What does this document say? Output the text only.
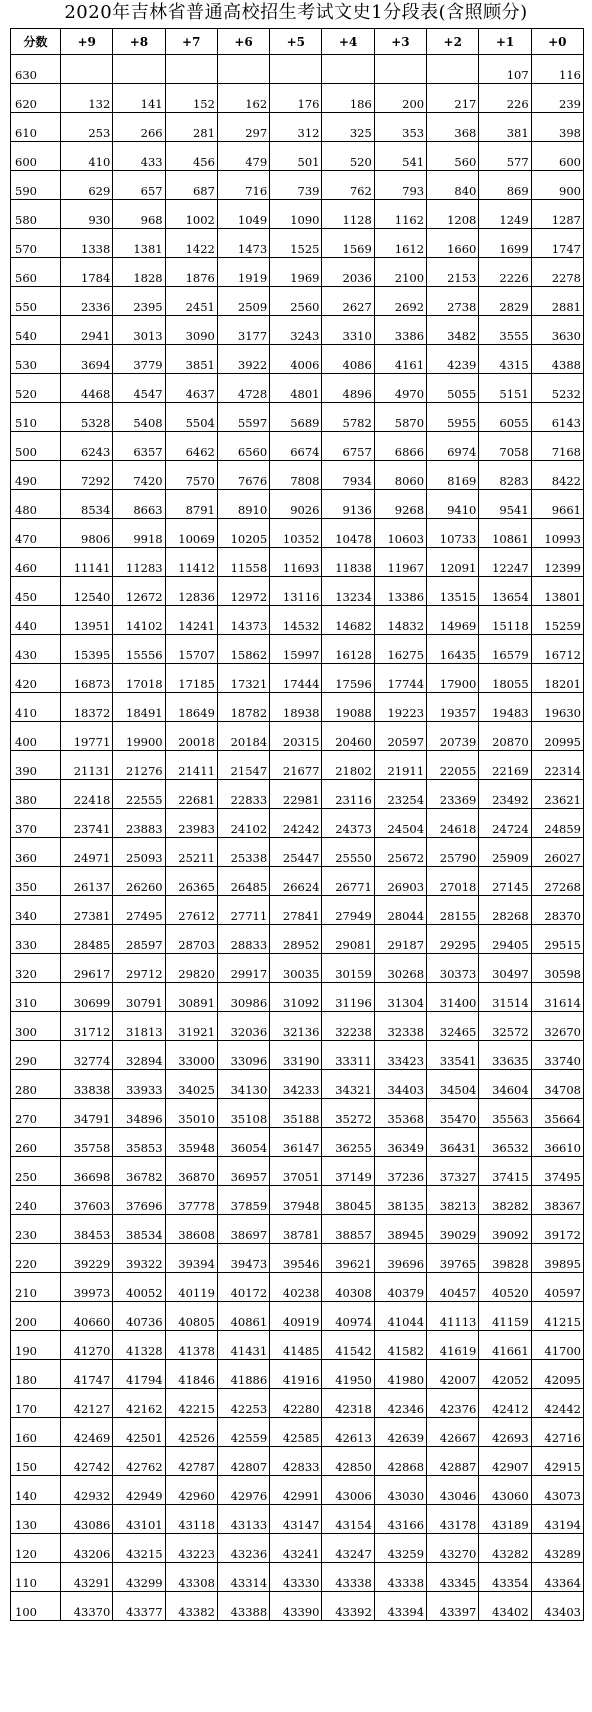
2020年吉林省普通高校招生考试文史1分段表(含照顾分)
分数	+9	+8	+7	+6	+5	+4	+3	+2	+1	+0
630									107	116
620	132	141	152	162	176	186	200	217	226	239
610	253	266	281	297	312	325	353	368	381	398
600	410	433	456	479	501	520	541	560	577	600
590	629	657	687	716	739	762	793	840	869	900
580	930	968	1002	1049	1090	1128	1162	1208	1249	1287
570	1338	1381	1422	1473	1525	1569	1612	1660	1699	1747
560	1784	1828	1876	1919	1969	2036	2100	2153	2226	2278
550	2336	2395	2451	2509	2560	2627	2692	2738	2829	2881
540	2941	3013	3090	3177	3243	3310	3386	3482	3555	3630
530	3694	3779	3851	3922	4006	4086	4161	4239	4315	4388
520	4468	4547	4637	4728	4801	4896	4970	5055	5151	5232
510	5328	5408	5504	5597	5689	5782	5870	5955	6055	6143
500	6243	6357	6462	6560	6674	6757	6866	6974	7058	7168
490	7292	7420	7570	7676	7808	7934	8060	8169	8283	8422
480	8534	8663	8791	8910	9026	9136	9268	9410	9541	9661
470	9806	9918	10069	10205	10352	10478	10603	10733	10861	10993
460	11141	11283	11412	11558	11693	11838	11967	12091	12247	12399
450	12540	12672	12836	12972	13116	13234	13386	13515	13654	13801
440	13951	14102	14241	14373	14532	14682	14832	14969	15118	15259
430	15395	15556	15707	15862	15997	16128	16275	16435	16579	16712
420	16873	17018	17185	17321	17444	17596	17744	17900	18055	18201
410	18372	18491	18649	18782	18938	19088	19223	19357	19483	19630
400	19771	19900	20018	20184	20315	20460	20597	20739	20870	20995
390	21131	21276	21411	21547	21677	21802	21911	22055	22169	22314
380	22418	22555	22681	22833	22981	23116	23254	23369	23492	23621
370	23741	23883	23983	24102	24242	24373	24504	24618	24724	24859
360	24971	25093	25211	25338	25447	25550	25672	25790	25909	26027
350	26137	26260	26365	26485	26624	26771	26903	27018	27145	27268
340	27381	27495	27612	27711	27841	27949	28044	28155	28268	28370
330	28485	28597	28703	28833	28952	29081	29187	29295	29405	29515
320	29617	29712	29820	29917	30035	30159	30268	30373	30497	30598
310	30699	30791	30891	30986	31092	31196	31304	31400	31514	31614
300	31712	31813	31921	32036	32136	32238	32338	32465	32572	32670
290	32774	32894	33000	33096	33190	33311	33423	33541	33635	33740
280	33838	33933	34025	34130	34233	34321	34403	34504	34604	34708
270	34791	34896	35010	35108	35188	35272	35368	35470	35563	35664
260	35758	35853	35948	36054	36147	36255	36349	36431	36532	36610
250	36698	36782	36870	36957	37051	37149	37236	37327	37415	37495
240	37603	37696	37778	37859	37948	38045	38135	38213	38282	38367
230	38453	38534	38608	38697	38781	38857	38945	39029	39092	39172
220	39229	39322	39394	39473	39546	39621	39696	39765	39828	39895
210	39973	40052	40119	40172	40238	40308	40379	40457	40520	40597
200	40660	40736	40805	40861	40919	40974	41044	41113	41159	41215
190	41270	41328	41378	41431	41485	41542	41582	41619	41661	41700
180	41747	41794	41846	41886	41916	41950	41980	42007	42052	42095
170	42127	42162	42215	42253	42280	42318	42346	42376	42412	42442
160	42469	42501	42526	42559	42585	42613	42639	42667	42693	42716
150	42742	42762	42787	42807	42833	42850	42868	42887	42907	42915
140	42932	42949	42960	42976	42991	43006	43030	43046	43060	43073
130	43086	43101	43118	43133	43147	43154	43166	43178	43189	43194
120	43206	43215	43223	43236	43241	43247	43259	43270	43282	43289
110	43291	43299	43308	43314	43330	43338	43338	43345	43354	43364
100	43370	43377	43382	43388	43390	43392	43394	43397	43402	43403
